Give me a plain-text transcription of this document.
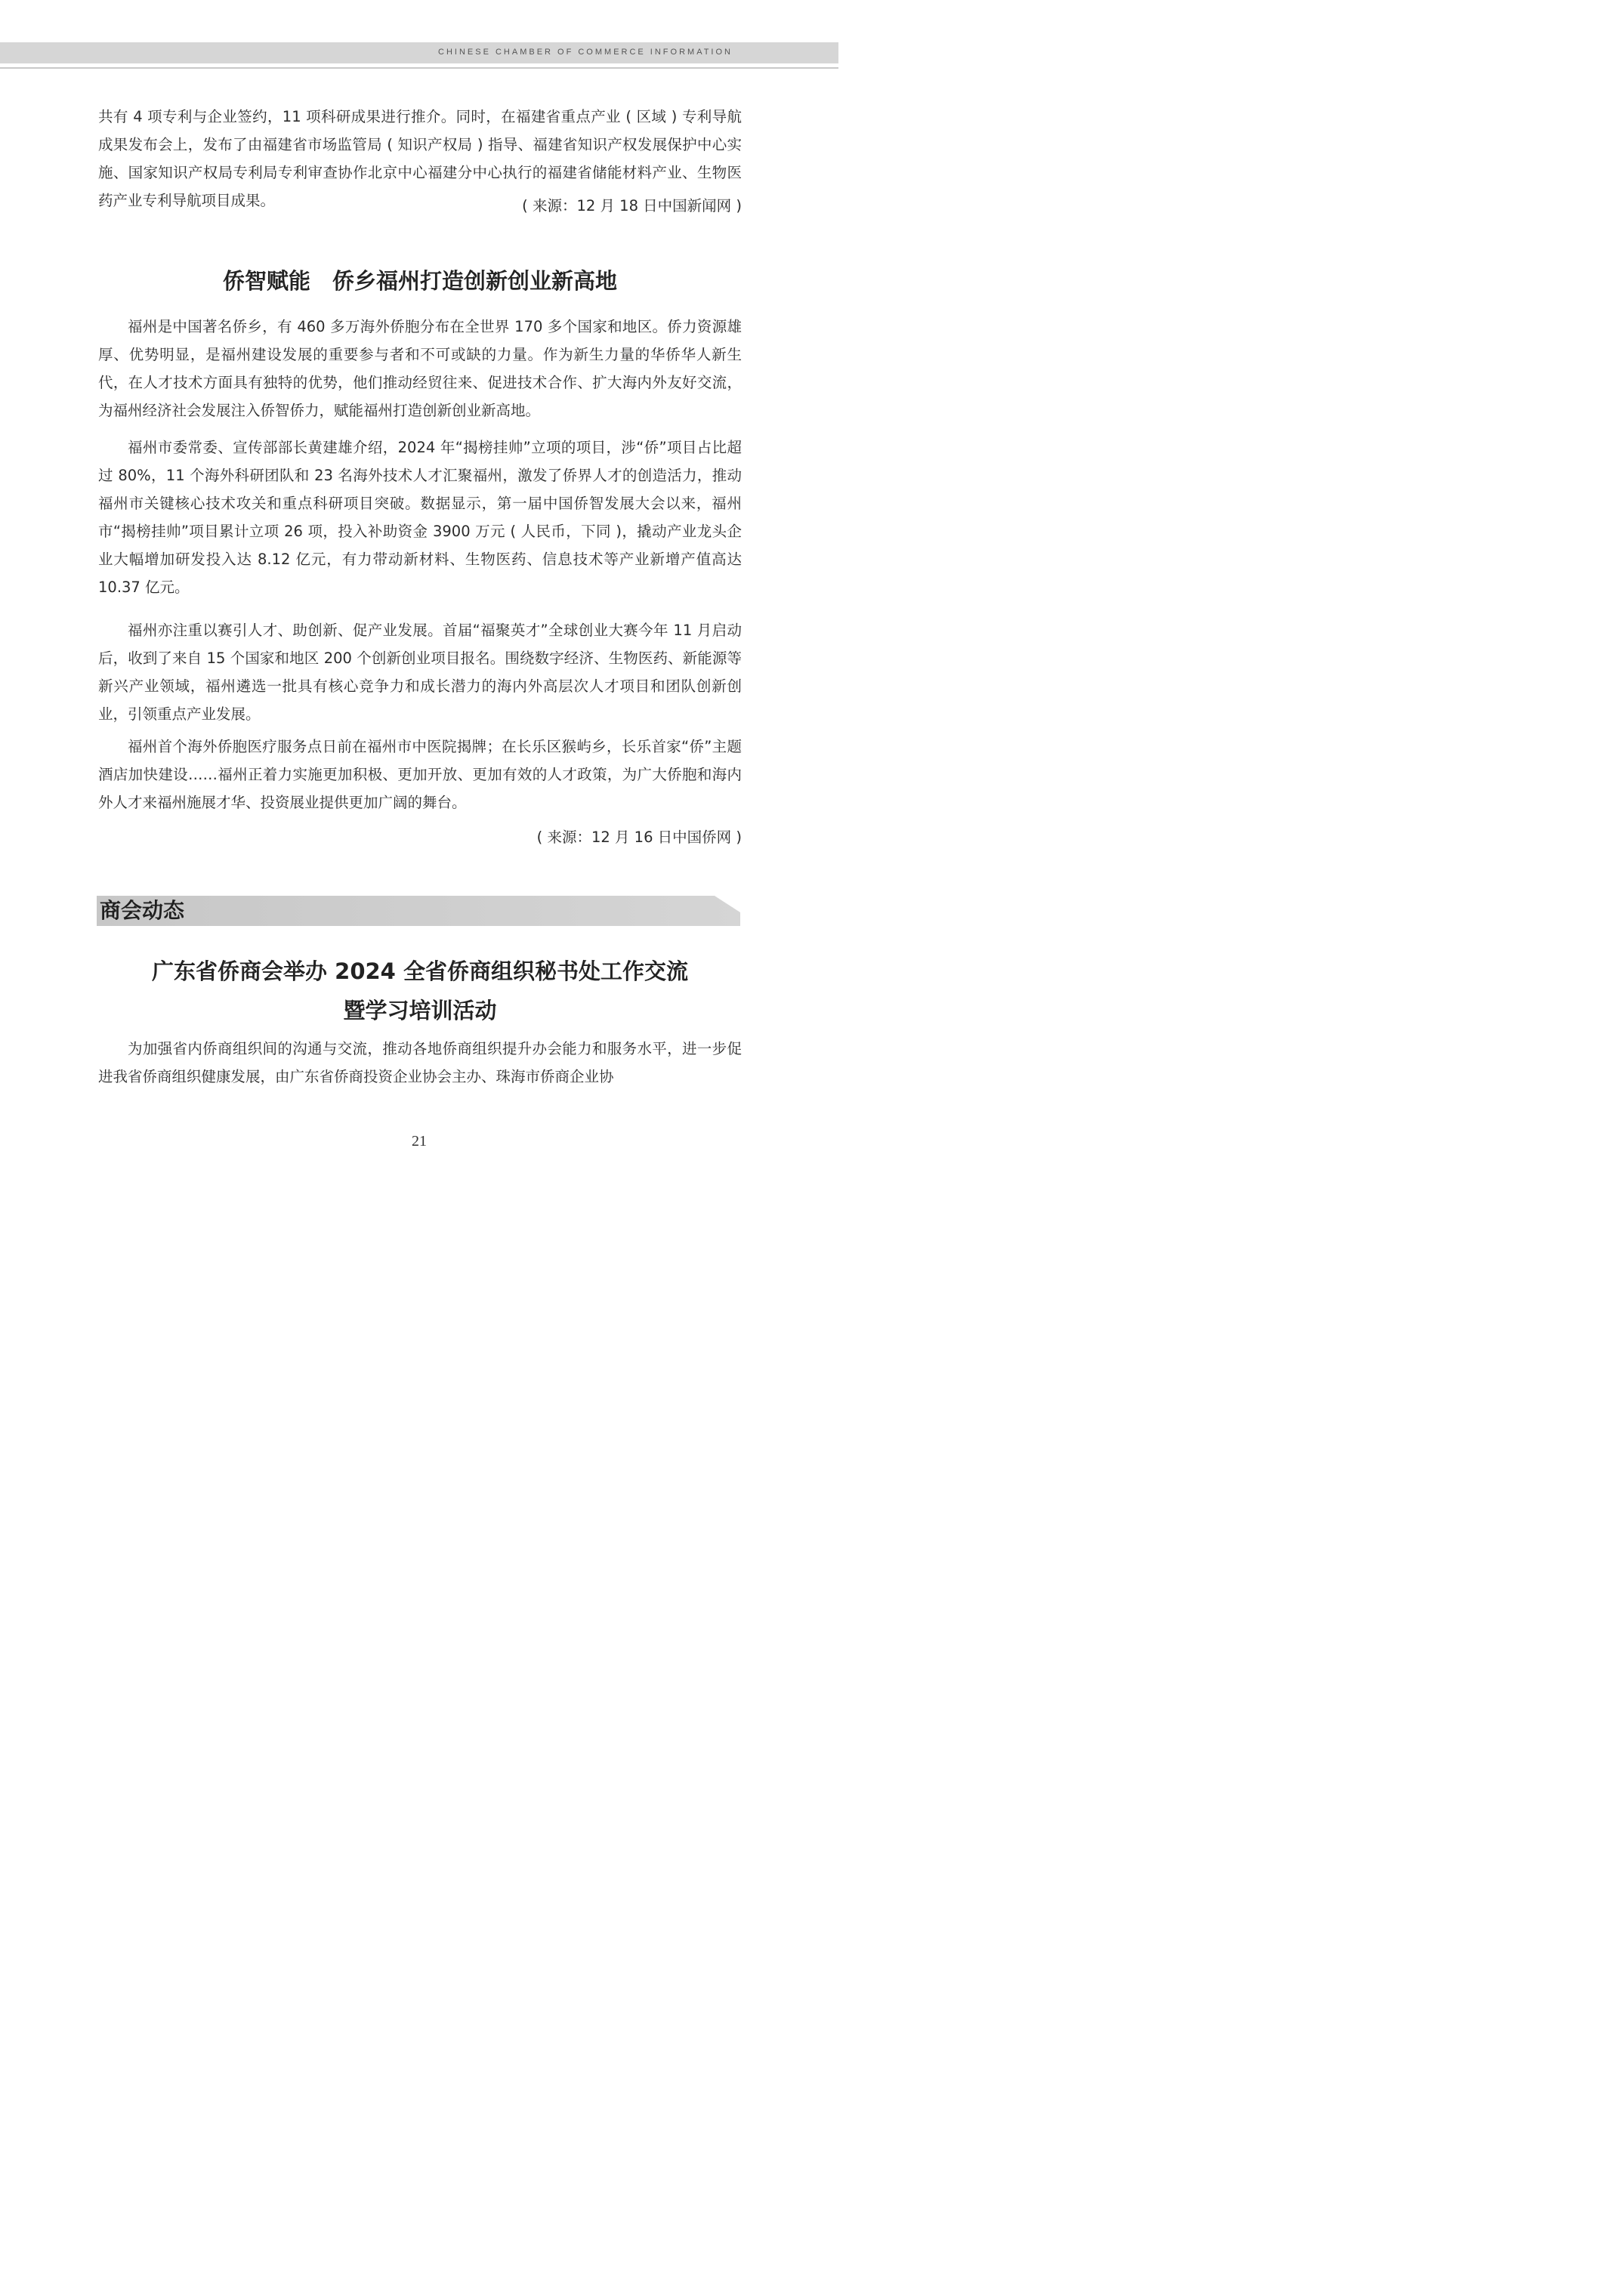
CHINESE CHAMBER OF COMMERCE INFORMATION

共有 4 项专利与企业签约，11 项科研成果进行推介。同时，在福建省重点产业 ( 区域 ) 专利导航成果发布会上，发布了由福建省市场监管局 ( 知识产权局 ) 指导、福建省知识产权发展保护中心实施、国家知识产权局专利局专利审查协作北京中心福建分中心执行的福建省储能材料产业、生物医药产业专利导航项目成果。	( 来源：12 月 18 日中国新闻网 )

侨智赋能　侨乡福州打造创新创业新高地

福州是中国著名侨乡，有 460 多万海外侨胞分布在全世界 170 多个国家和地区。侨力资源雄厚、优势明显，是福州建设发展的重要参与者和不可或缺的力量。作为新生力量的华侨华人新生代，在人才技术方面具有独特的优势，他们推动经贸往来、促进技术合作、扩大海内外友好交流，为福州经济社会发展注入侨智侨力，赋能福州打造创新创业新高地。

福州市委常委、宣传部部长黄建雄介绍，2024 年“揭榜挂帅”立项的项目，涉“侨”项目占比超过 80%，11 个海外科研团队和 23 名海外技术人才汇聚福州，激发了侨界人才的创造活力，推动福州市关键核心技术攻关和重点科研项目突破。数据显示，第一届中国侨智发展大会以来，福州市“揭榜挂帅”项目累计立项 26 项，投入补助资金 3900 万元 ( 人民币，下同 )，撬动产业龙头企业大幅增加研发投入达 8.12 亿元，有力带动新材料、生物医药、信息技术等产业新增产值高达 10.37 亿元。

福州亦注重以赛引人才、助创新、促产业发展。首届“福聚英才”全球创业大赛今年 11 月启动后，收到了来自 15 个国家和地区 200 个创新创业项目报名。围绕数字经济、生物医药、新能源等新兴产业领域，福州遴选一批具有核心竞争力和成长潜力的海内外高层次人才项目和团队创新创业，引领重点产业发展。

福州首个海外侨胞医疗服务点日前在福州市中医院揭牌；在长乐区猴屿乡，长乐首家“侨”主题酒店加快建设……福州正着力实施更加积极、更加开放、更加有效的人才政策，为广大侨胞和海内外人才来福州施展才华、投资展业提供更加广阔的舞台。

( 来源：12 月 16 日中国侨网 )

商会动态
广东省侨商会举办 2024 全省侨商组织秘书处工作交流
暨学习培训活动

为加强省内侨商组织间的沟通与交流，推动各地侨商组织提升办会能力和服务水平，进一步促进我省侨商组织健康发展，由广东省侨商投资企业协会主办、珠海市侨商企业协

21
